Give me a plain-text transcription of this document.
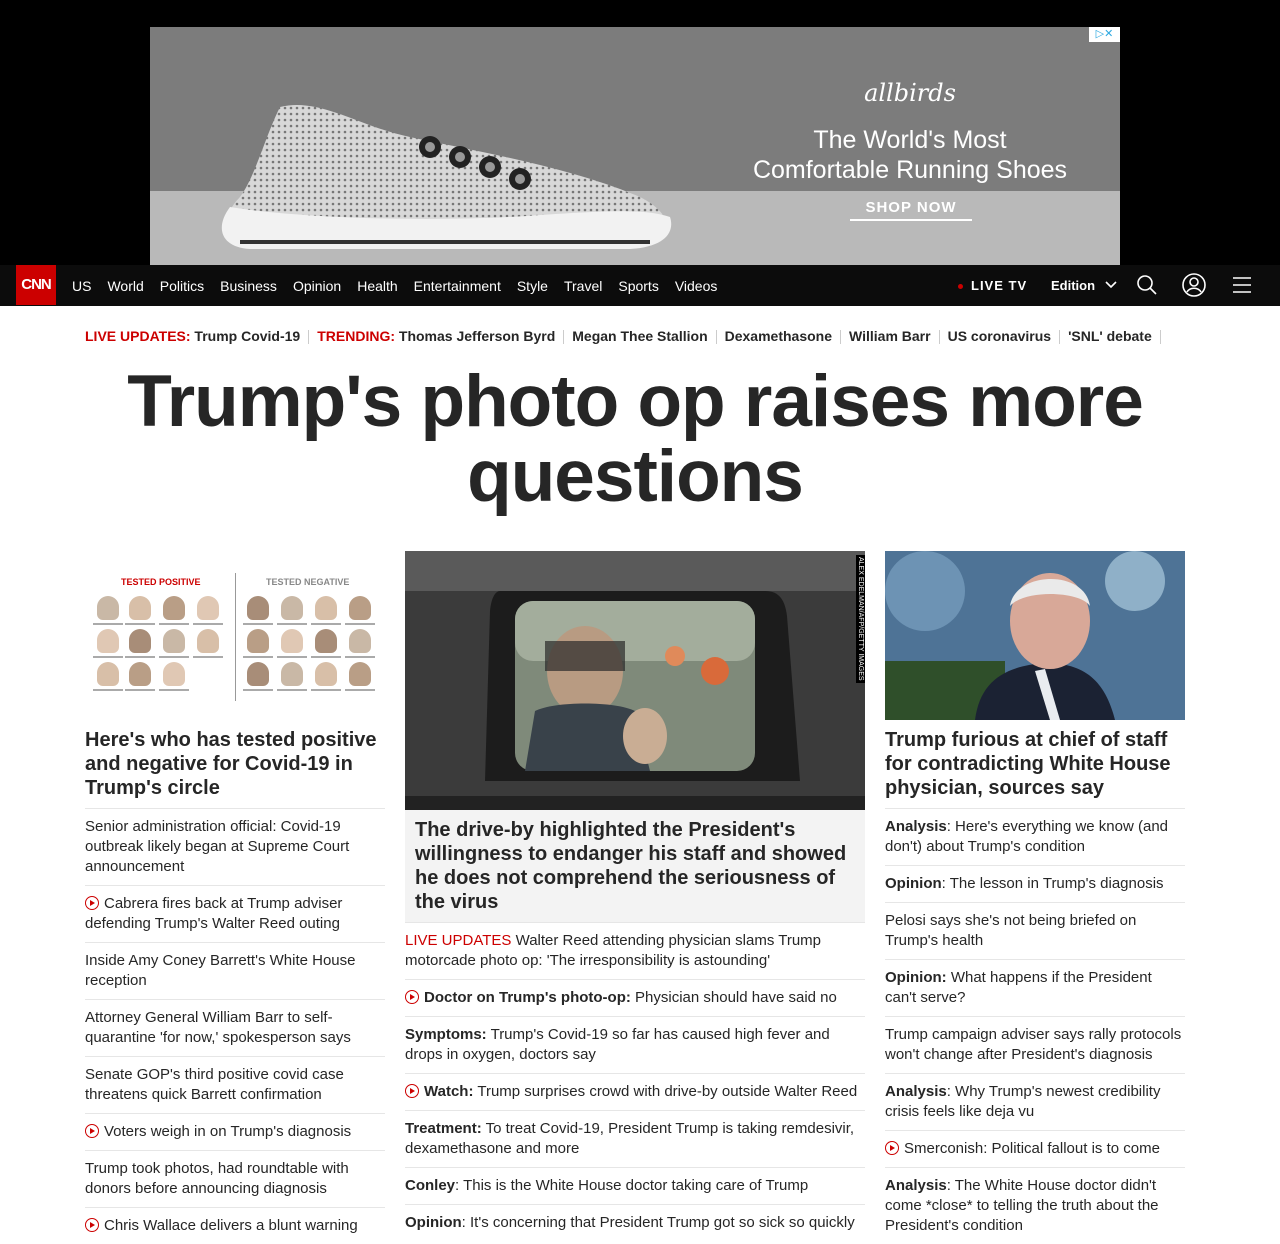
▷✕
allbirds
The World's Most
Comfortable Running Shoes
SHOP NOW
CNN	US World Politics Business Opinion Health Entertainment Style Travel Sports Videos	LIVE TV Edition
LIVE UPDATES: Trump Covid-19 TRENDING: Thomas Jefferson Byrd Megan Thee Stallion Dexamethasone William Barr US coronavirus 'SNL' debate
Trump's photo op raises more questions
TESTED POSITIVE	TESTED NEGATIVE
Here's who has tested positive and negative for Covid-19 in Trump's circle
Senior administration official: Covid-19 outbreak likely began at Supreme Court announcement
Cabrera fires back at Trump adviser defending Trump's Walter Reed outing
Inside Amy Coney Barrett's White House reception
Attorney General William Barr to self-quarantine 'for now,' spokesperson says
Senate GOP's third positive covid case threatens quick Barrett confirmation
Voters weigh in on Trump's diagnosis
Trump took photos, had roundtable with donors before announcing diagnosis
Chris Wallace delivers a blunt warning
ALEX EDELMAN/AFP/GETTY IMAGES
The drive-by highlighted the President's willingness to endanger his staff and showed he does not comprehend the seriousness of the virus
LIVE UPDATES Walter Reed attending physician slams Trump motorcade photo op: 'The irresponsibility is astounding'
Doctor on Trump's photo-op: Physician should have said no
Symptoms: Trump's Covid-19 so far has caused high fever and drops in oxygen, doctors say
Watch: Trump surprises crowd with drive-by outside Walter Reed
Treatment: To treat Covid-19, President Trump is taking remdesivir, dexamethasone and more
Conley: This is the White House doctor taking care of Trump
Opinion: It's concerning that President Trump got so sick so quickly
Trump furious at chief of staff for contradicting White House physician, sources say
Analysis: Here's everything we know (and don't) about Trump's condition
Opinion: The lesson in Trump's diagnosis
Pelosi says she's not being briefed on Trump's health
Opinion: What happens if the President can't serve?
Trump campaign adviser says rally protocols won't change after President's diagnosis
Analysis: Why Trump's newest credibility crisis feels like deja vu
Smerconish: Political fallout is to come
Analysis: The White House doctor didn't come *close* to telling the truth about the President's condition
